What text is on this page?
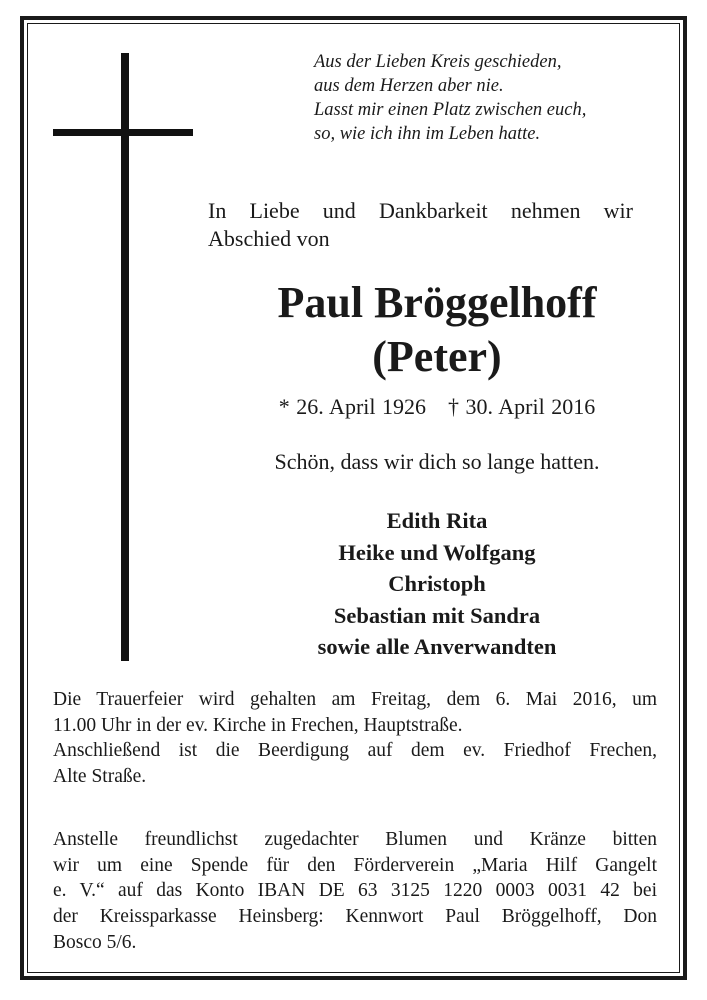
Aus der Lieben Kreis geschieden,
aus dem Herzen aber nie.
Lasst mir einen Platz zwischen euch,
so, wie ich ihn im Leben hatte.
In Liebe und Dankbarkeit nehmen wir
Abschied von
Paul Bröggelhoff
(Peter)
* 26. April 1926 † 30. April 2016
Schön, dass wir dich so lange hatten.
Edith Rita
Heike und Wolfgang
Christoph
Sebastian mit Sandra
sowie alle Anverwandten
Die Trauerfeier wird gehalten am Freitag, dem 6. Mai 2016, um
11.00 Uhr in der ev. Kirche in Frechen, Hauptstraße.
Anschließend ist die Beerdigung auf dem ev. Friedhof Frechen,
Alte Straße.
Anstelle freundlichst zugedachter Blumen und Kränze bitten
wir um eine Spende für den Förderverein „Maria Hilf Gangelt
e. V.“ auf das Konto IBAN DE 63 3125 1220 0003 0031 42 bei
der Kreissparkasse Heinsberg: Kennwort Paul Bröggelhoff, Don
Bosco 5/6.
